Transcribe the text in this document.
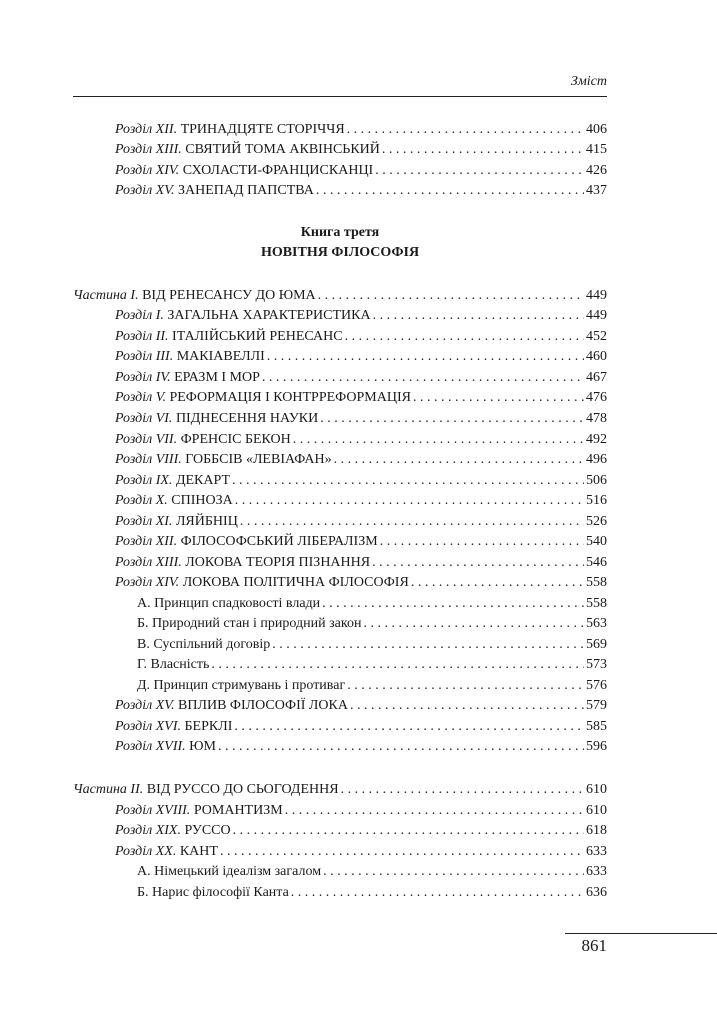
Зміст
Розділ XII. ТРИНАДЦЯТЕ СТОРІЧЧЯ . . .	406
Розділ XIII. СВЯТИЙ ТОМА АКВІНСЬКИЙ . . .	415
Розділ XIV. СХОЛАСТИ-ФРАНЦИСКАНЦІ . . .	426
Розділ XV. ЗАНЕПАД ПАПСТВА . . .	437
Книга третя
НОВІТНЯ ФІЛОСОФІЯ
Частина I. ВІД РЕНЕСАНСУ ДО ЮМА . . .	449
Розділ I. ЗАГАЛЬНА ХАРАКТЕРИСТИКА . . .	449
Розділ II. ІТАЛІЙСЬКИЙ РЕНЕСАНС . . .	452
Розділ III. МАКІАВЕЛЛІ . . .	460
Розділ IV. ЕРАЗМ І МОР . . .	467
Розділ V. РЕФОРМАЦІЯ І КОНТРРЕФОРМАЦІЯ . . .	476
Розділ VI. ПІДНЕСЕННЯ НАУКИ . . .	478
Розділ VII. ФРЕНСІС БЕКОН . . .	492
Розділ VIII. ГОББСІВ «ЛЕВІАФАН» . . .	496
Розділ IX. ДЕКАРТ . . .	506
Розділ X. СПІНОЗА . . .	516
Розділ XI. ЛЯЙБНІЦ . . .	526
Розділ XII. ФІЛОСОФСЬКИЙ ЛІБЕРАЛІЗМ . . .	540
Розділ XIII. ЛОКОВА ТЕОРІЯ ПІЗНАННЯ . . .	546
Розділ XIV. ЛОКОВА ПОЛІТИЧНА ФІЛОСОФІЯ . . .	558
А. Принцип спадковості влади . . .	558
Б. Природний стан і природний закон . . .	563
В. Суспільний договір . . .	569
Г. Власність . . .	573
Д. Принцип стримувань і противаг . . .	576
Розділ XV. ВПЛИВ ФІЛОСОФІЇ ЛОКА . . .	579
Розділ XVI. БЕРКЛІ . . .	585
Розділ XVII. ЮМ . . .	596
Частина II. ВІД РУССО ДО СЬОГОДЕННЯ . . .	610
Розділ XVIII. РОМАНТИЗМ . . .	610
Розділ XIX. РУССО . . .	618
Розділ XX. КАНТ . . .	633
А. Німецький ідеалізм загалом . . .	633
Б. Нарис філософії Канта . . .	636
861
